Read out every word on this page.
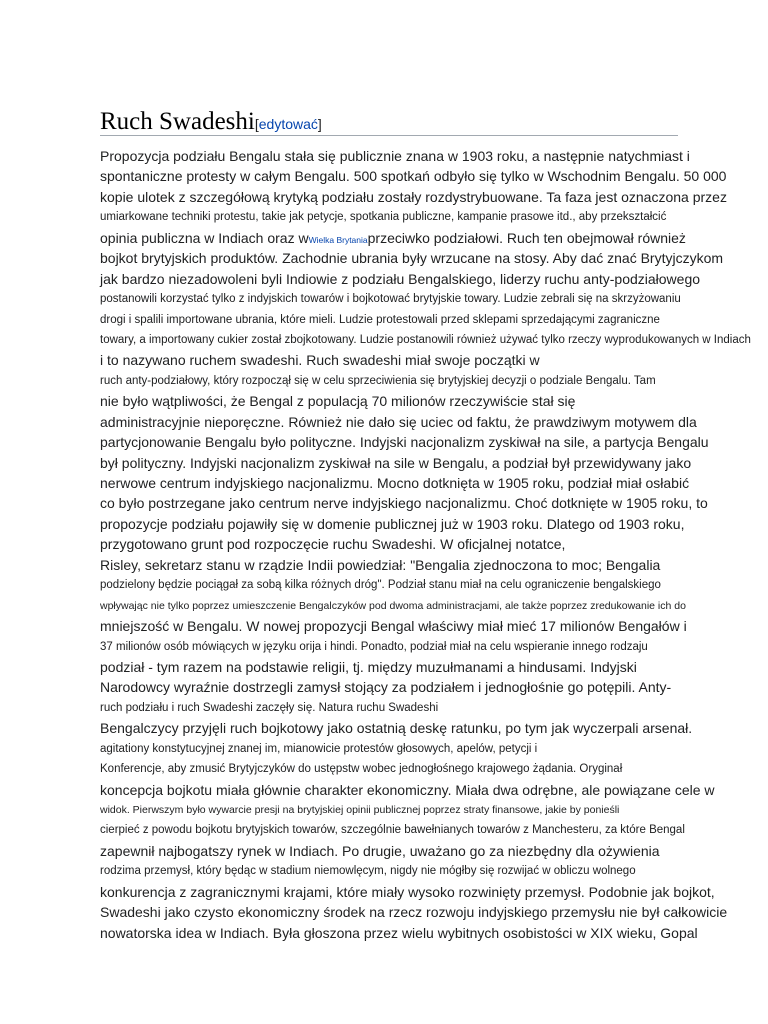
Ruch Swadeshi[edytować]
Propozycja podziału Bengalu stała się publicznie znana w 1903 roku, a następnie natychmiast i
spontaniczne protesty w całym Bengalu. 500 spotkań odbyło się tylko w Wschodnim Bengalu. 50 000
kopie ulotek z szczegółową krytyką podziału zostały rozdystrybuowane. Ta faza jest oznaczona przez
umiarkowane techniki protestu, takie jak petycje, spotkania publiczne, kampanie prasowe itd., aby przekształcić
opinia publiczna w Indiach oraz wWielka Brytaniaprzeciwko podziałowi. Ruch ten obejmował również
bojkot brytyjskich produktów. Zachodnie ubrania były wrzucane na stosy. Aby dać znać Brytyjczykom
jak bardzo niezadowoleni byli Indiowie z podziału Bengalskiego, liderzy ruchu anty-podziałowego
postanowili korzystać tylko z indyjskich towarów i bojkotować brytyjskie towary. Ludzie zebrali się na skrzyżowaniu
drogi i spalili importowane ubrania, które mieli. Ludzie protestowali przed sklepami sprzedającymi zagraniczne
towary, a importowany cukier został zbojkotowany. Ludzie postanowili również używać tylko rzeczy wyprodukowanych w Indiach
i to nazywano ruchem swadeshi. Ruch swadeshi miał swoje początki w
ruch anty-podziałowy, który rozpoczął się w celu sprzeciwienia się brytyjskiej decyzji o podziale Bengalu. Tam
nie było wątpliwości, że Bengal z populacją 70 milionów rzeczywiście stał się
administracyjnie nieporęczne. Również nie dało się uciec od faktu, że prawdziwym motywem dla
partycjonowanie Bengalu było polityczne. Indyjski nacjonalizm zyskiwał na sile, a partycja Bengalu
był polityczny. Indyjski nacjonalizm zyskiwał na sile w Bengalu, a podział był przewidywany jako
nerwowe centrum indyjskiego nacjonalizmu. Mocno dotknięta w 1905 roku, podział miał osłabić
co było postrzegane jako centrum nerve indyjskiego nacjonalizmu. Choć dotknięte w 1905 roku, to
propozycje podziału pojawiły się w domenie publicznej już w 1903 roku. Dlatego od 1903 roku,
przygotowano grunt pod rozpoczęcie ruchu Swadeshi. W oficjalnej notatce,
Risley, sekretarz stanu w rządzie Indii powiedział: "Bengalia zjednoczona to moc; Bengalia
podzielony będzie pociągał za sobą kilka różnych dróg". Podział stanu miał na celu ograniczenie bengalskiego
wpływając nie tylko poprzez umieszczenie Bengalczyków pod dwoma administracjami, ale także poprzez zredukowanie ich do
mniejszość w Bengalu. W nowej propozycji Bengal właściwy miał mieć 17 milionów Bengałów i
37 milionów osób mówiących w języku orija i hindi. Ponadto, podział miał na celu wspieranie innego rodzaju
podział - tym razem na podstawie religii, tj. między muzułmanami a hindusami. Indyjski
Narodowcy wyraźnie dostrzegli zamysł stojący za podziałem i jednogłośnie go potępili. Anty-
ruch podziału i ruch Swadeshi zaczęły się. Natura ruchu Swadeshi
Bengalczycy przyjęli ruch bojkotowy jako ostatnią deskę ratunku, po tym jak wyczerpali arsenał.
agitationy konstytucyjnej znanej im, mianowicie protestów głosowych, apelów, petycji i
Konferencje, aby zmusić Brytyjczyków do ustępstw wobec jednogłośnego krajowego żądania. Oryginał
koncepcja bojkotu miała głównie charakter ekonomiczny. Miała dwa odrębne, ale powiązane cele w
widok. Pierwszym było wywarcie presji na brytyjskiej opinii publicznej poprzez straty finansowe, jakie by ponieśli
cierpieć z powodu bojkotu brytyjskich towarów, szczególnie bawełnianych towarów z Manchesteru, za które Bengal
zapewnił najbogatszy rynek w Indiach. Po drugie, uważano go za niezbędny dla ożywienia
rodzima przemysł, który będąc w stadium niemowlęcym, nigdy nie mógłby się rozwijać w obliczu wolnego
konkurencja z zagranicznymi krajami, które miały wysoko rozwinięty przemysł. Podobnie jak bojkot,
Swadeshi jako czysto ekonomiczny środek na rzecz rozwoju indyjskiego przemysłu nie był całkowicie
nowatorska idea w Indiach. Była głoszona przez wielu wybitnych osobistości w XIX wieku, Gopal
